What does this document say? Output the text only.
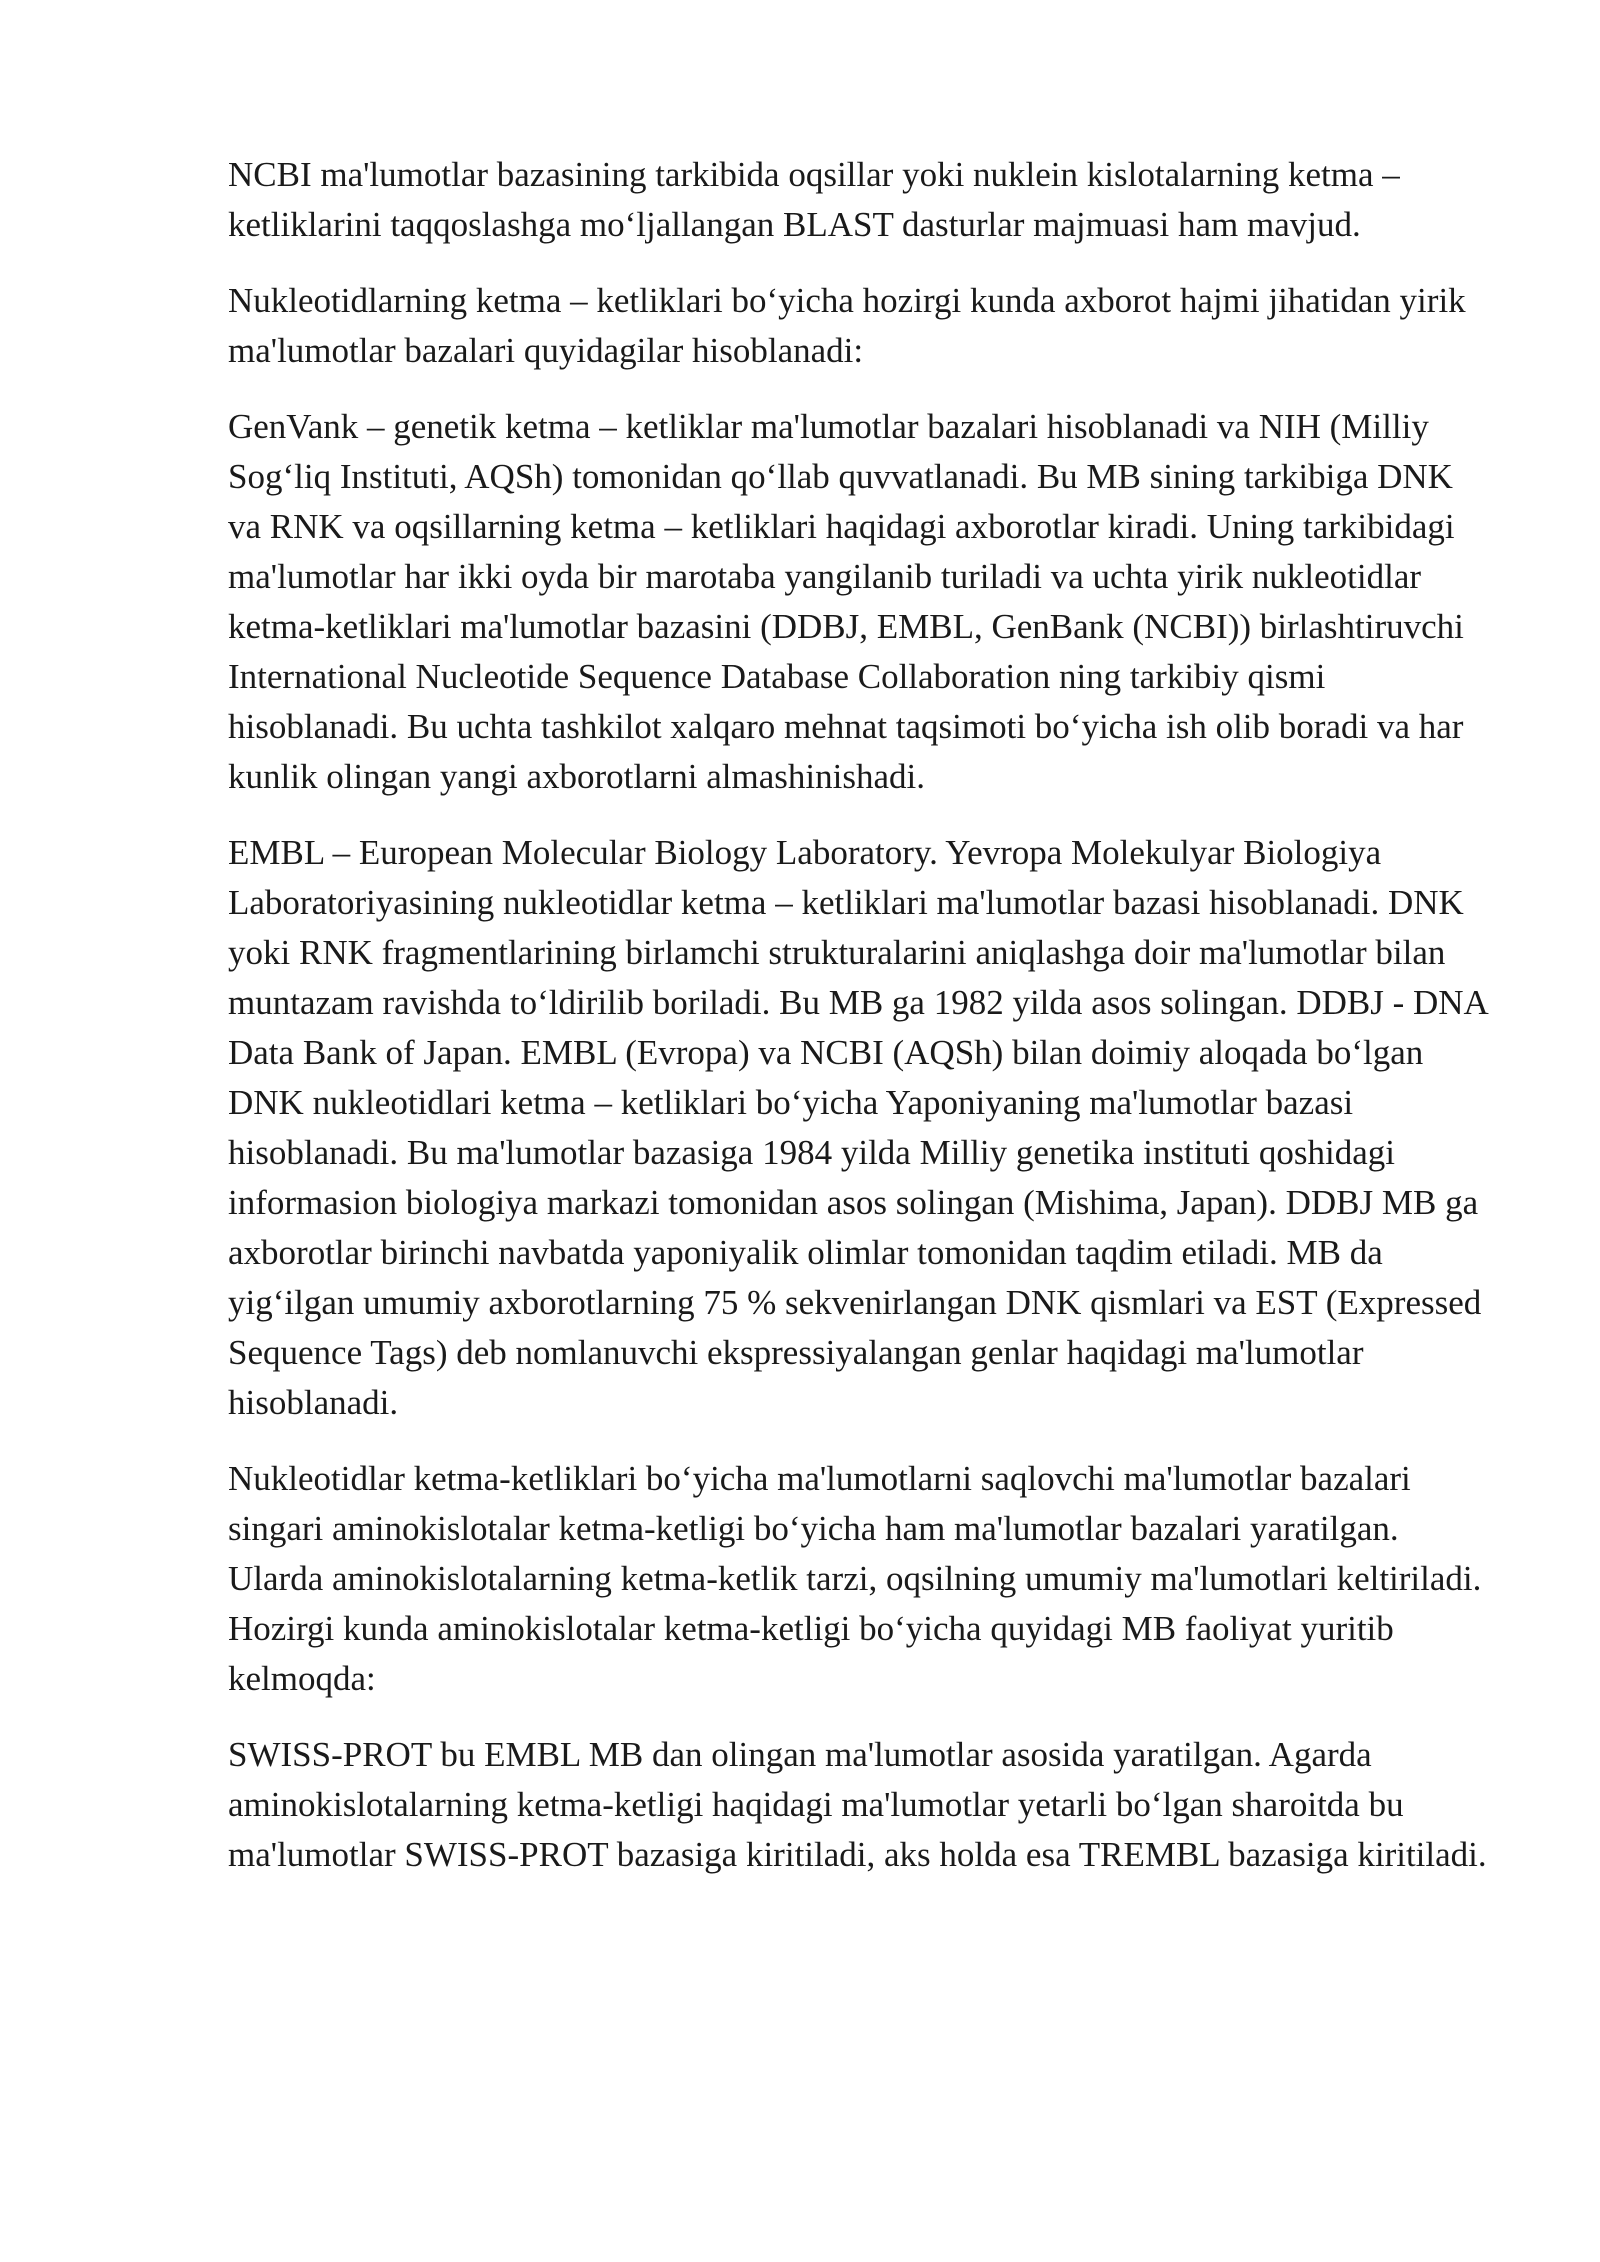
NCBI ma'lumotlar bazasining tarkibida oqsillar yoki nuklein kislotalarning ketma – ketliklarini taqqoslashga mo‘ljallangan BLAST dasturlar majmuasi ham mavjud.

Nukleotidlarning ketma – ketliklari bo‘yicha hozirgi kunda axborot hajmi jihatidan yirik ma'lumotlar bazalari quyidagilar hisoblanadi:

GenVank – genetik ketma – ketliklar ma'lumotlar bazalari hisoblanadi va NIH (Milliy Sog‘liq Instituti, AQSh) tomonidan qo‘llab quvvatlanadi. Bu MB sining tarkibiga DNK va RNK va oqsillarning ketma – ketliklari haqidagi axborotlar kiradi. Uning tarkibidagi ma'lumotlar har ikki oyda bir marotaba yangilanib turiladi va uchta yirik nukleotidlar ketma-ketliklari ma'lumotlar bazasini (DDBJ, EMBL, GenBank (NCBI)) birlashtiruvchi International Nucleotide Sequence Database Collaboration ning tarkibiy qismi hisoblanadi. Bu uchta tashkilot xalqaro mehnat taqsimoti bo‘yicha ish olib boradi va har kunlik olingan yangi axborotlarni almashinishadi.

EMBL – European Molecular Biology Laboratory. Yevropa Molekulyar Biologiya Laboratoriyasining nukleotidlar ketma – ketliklari ma'lumotlar bazasi hisoblanadi. DNK yoki RNK fragmentlarining birlamchi strukturalarini aniqlashga doir ma'lumotlar bilan muntazam ravishda to‘ldirilib boriladi. Bu MB ga 1982 yilda asos solingan. DDBJ - DNA Data Bank of Japan. EMBL (Evropa) va NCBI (AQSh) bilan doimiy aloqada bo‘lgan DNK nukleotidlari ketma – ketliklari bo‘yicha Yaponiyaning ma'lumotlar bazasi hisoblanadi. Bu ma'lumotlar bazasiga 1984 yilda Milliy genetika instituti qoshidagi informasion biologiya markazi tomonidan asos solingan (Mishima, Japan). DDBJ MB ga axborotlar birinchi navbatda yaponiyalik olimlar tomonidan taqdim etiladi. MB da yig‘ilgan umumiy axborotlarning 75 % sekvenirlangan DNK qismlari va EST (Expressed Sequence Tags) deb nomlanuvchi ekspressiyalangan genlar haqidagi ma'lumotlar hisoblanadi.

Nukleotidlar ketma-ketliklari bo‘yicha ma'lumotlarni saqlovchi ma'lumotlar bazalari singari aminokislotalar ketma-ketligi bo‘yicha ham ma'lumotlar bazalari yaratilgan. Ularda aminokislotalarning ketma-ketlik tarzi, oqsilning umumiy ma'lumotlari keltiriladi. Hozirgi kunda aminokislotalar ketma-ketligi bo‘yicha quyidagi MB faoliyat yuritib kelmoqda:

SWISS-PROT bu EMBL MB dan olingan ma'lumotlar asosida yaratilgan. Agarda aminokislotalarning ketma-ketligi haqidagi ma'lumotlar yetarli bo‘lgan sharoitda bu ma'lumotlar SWISS-PROT bazasiga kiritiladi, aks holda esa TREMBL bazasiga kiritiladi.
